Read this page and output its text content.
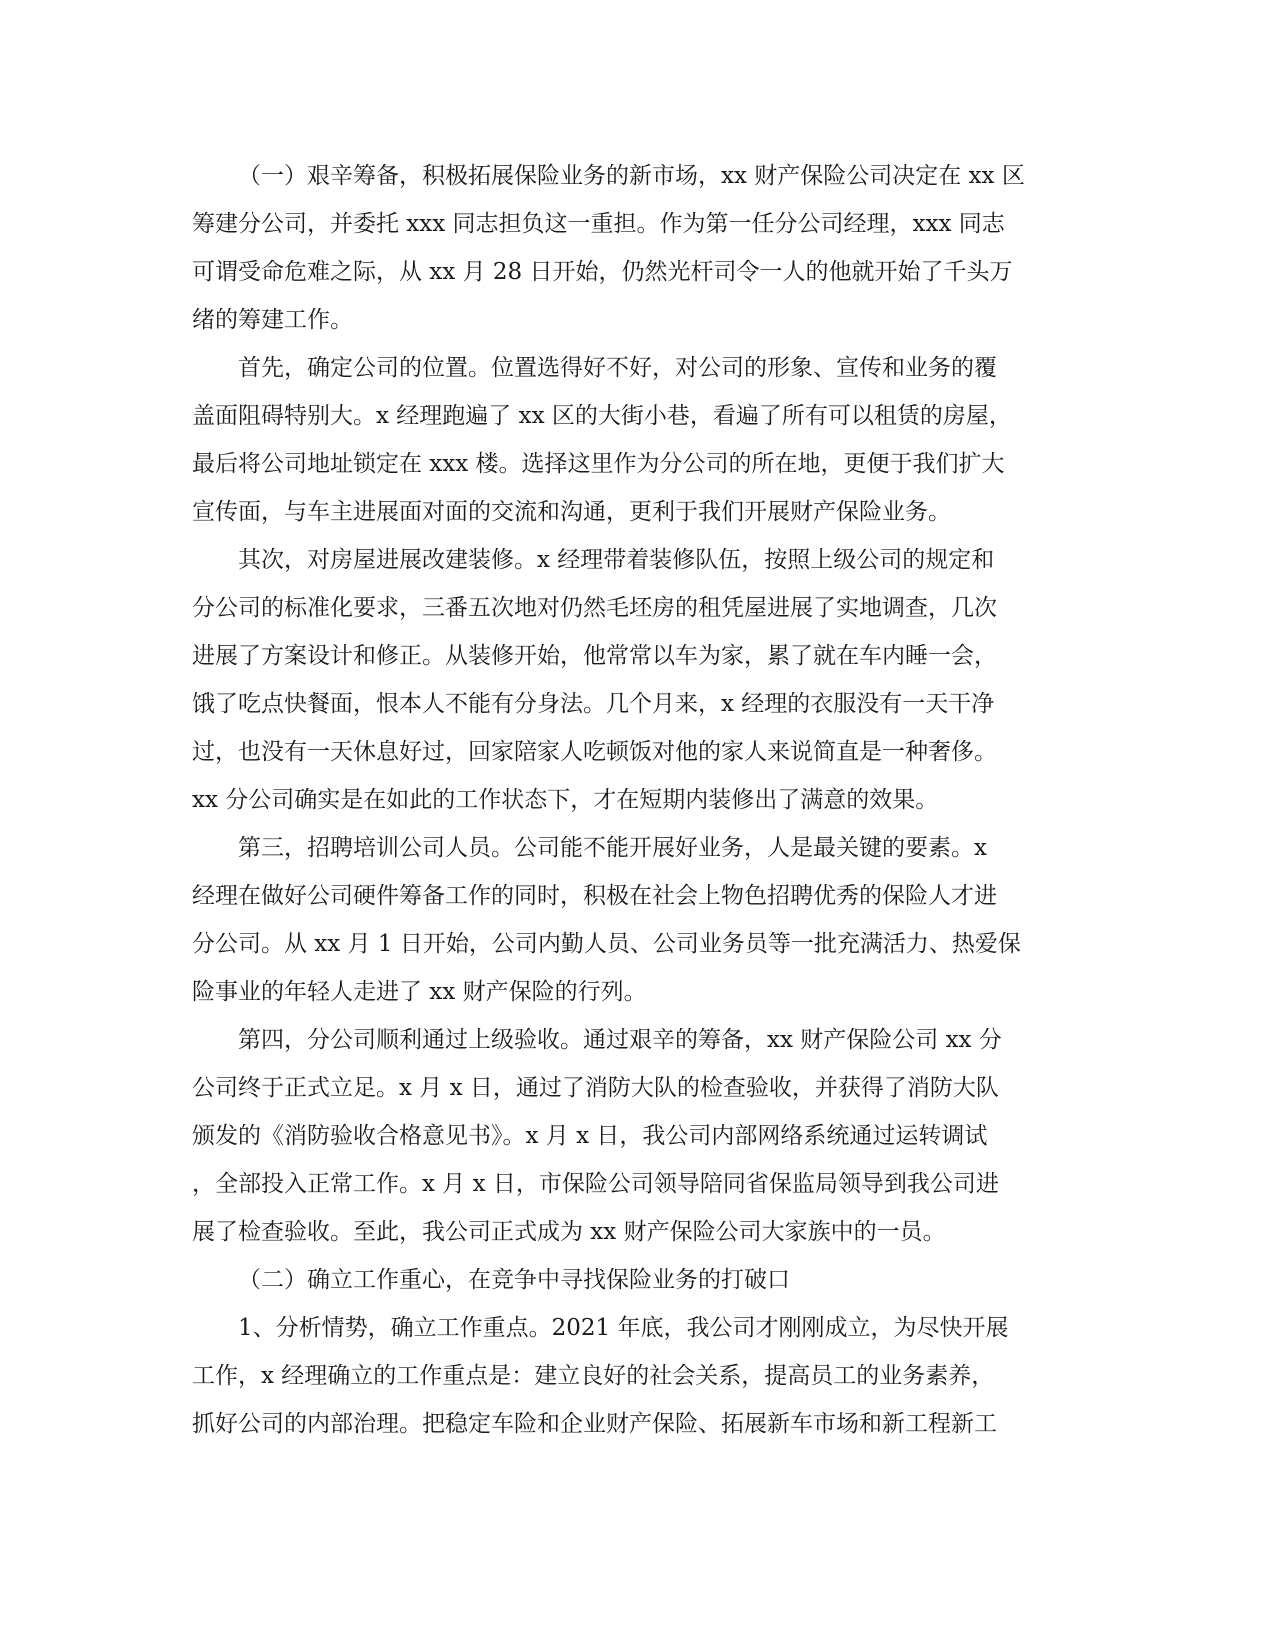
（一）艰辛筹备，积极拓展保险业务的新市场，xx 财产保险公司决定在 xx 区
筹建分公司，并委托 xxx 同志担负这一重担。作为第一任分公司经理，xxx 同志
可谓受命危难之际，从 xx 月 28 日开始，仍然光杆司令一人的他就开始了千头万
绪的筹建工作。
首先，确定公司的位置。位置选得好不好，对公司的形象、宣传和业务的覆
盖面阻碍特别大。x 经理跑遍了 xx 区的大街小巷，看遍了所有可以租赁的房屋，
最后将公司地址锁定在 xxx 楼。选择这里作为分公司的所在地，更便于我们扩大
宣传面，与车主进展面对面的交流和沟通，更利于我们开展财产保险业务。
其次，对房屋进展改建装修。x 经理带着装修队伍，按照上级公司的规定和
分公司的标准化要求，三番五次地对仍然毛坯房的租凭屋进展了实地调查，几次
进展了方案设计和修正。从装修开始，他常常以车为家，累了就在车内睡一会，
饿了吃点快餐面，恨本人不能有分身法。几个月来，x 经理的衣服没有一天干净
过，也没有一天休息好过，回家陪家人吃顿饭对他的家人来说简直是一种奢侈。
xx 分公司确实是在如此的工作状态下，才在短期内装修出了满意的效果。
第三，招聘培训公司人员。公司能不能开展好业务，人是最关键的要素。x
经理在做好公司硬件筹备工作的同时，积极在社会上物色招聘优秀的保险人才进
分公司。从 xx 月 1 日开始，公司内勤人员、公司业务员等一批充满活力、热爱保
险事业的年轻人走进了 xx 财产保险的行列。
第四，分公司顺利通过上级验收。通过艰辛的筹备，xx 财产保险公司 xx 分
公司终于正式立足。x 月 x 日，通过了消防大队的检查验收，并获得了消防大队
颁发的《消防验收合格意见书》。x 月 x 日，我公司内部网络系统通过运转调试
，全部投入正常工作。x 月 x 日，市保险公司领导陪同省保监局领导到我公司进
展了检查验收。至此，我公司正式成为 xx 财产保险公司大家族中的一员。
（二）确立工作重心，在竞争中寻找保险业务的打破口
1、分析情势，确立工作重点。2021 年底，我公司才刚刚成立，为尽快开展
工作，x 经理确立的工作重点是：建立良好的社会关系，提高员工的业务素养，
抓好公司的内部治理。把稳定车险和企业财产保险、拓展新车市场和新工程新工
